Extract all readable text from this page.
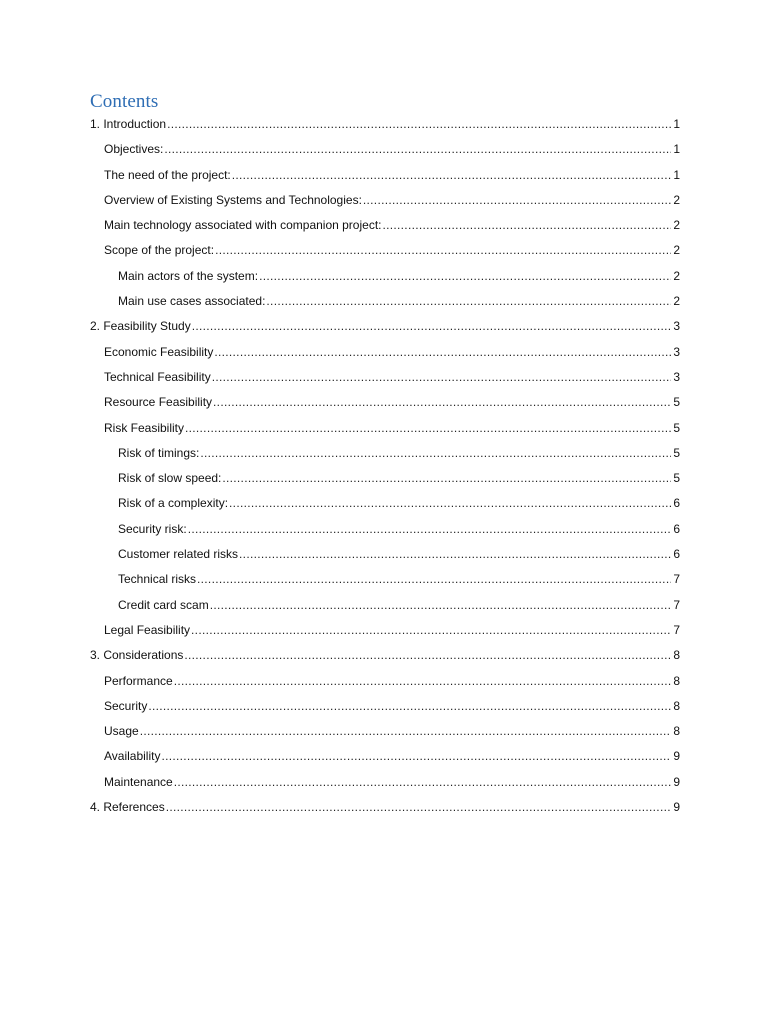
Contents
1. Introduction .....	1
Objectives: .....	1
The need of the project: .....	1
Overview of Existing Systems and Technologies: .....	2
Main technology associated with companion project: .....	2
Scope of the project: .....	2
Main actors of the system: .....	2
Main use cases associated: .....	2
2. Feasibility Study .....	3
Economic Feasibility .....	3
Technical Feasibility .....	3
Resource Feasibility .....	5
Risk Feasibility .....	5
Risk of timings: .....	5
Risk of slow speed: .....	5
Risk of a complexity: .....	6
Security risk: .....	6
Customer related risks .....	6
Technical risks .....	7
Credit card scam .....	7
Legal Feasibility .....	7
3. Considerations .....	8
Performance .....	8
Security .....	8
Usage .....	8
Availability .....	9
Maintenance .....	9
4. References .....	9
